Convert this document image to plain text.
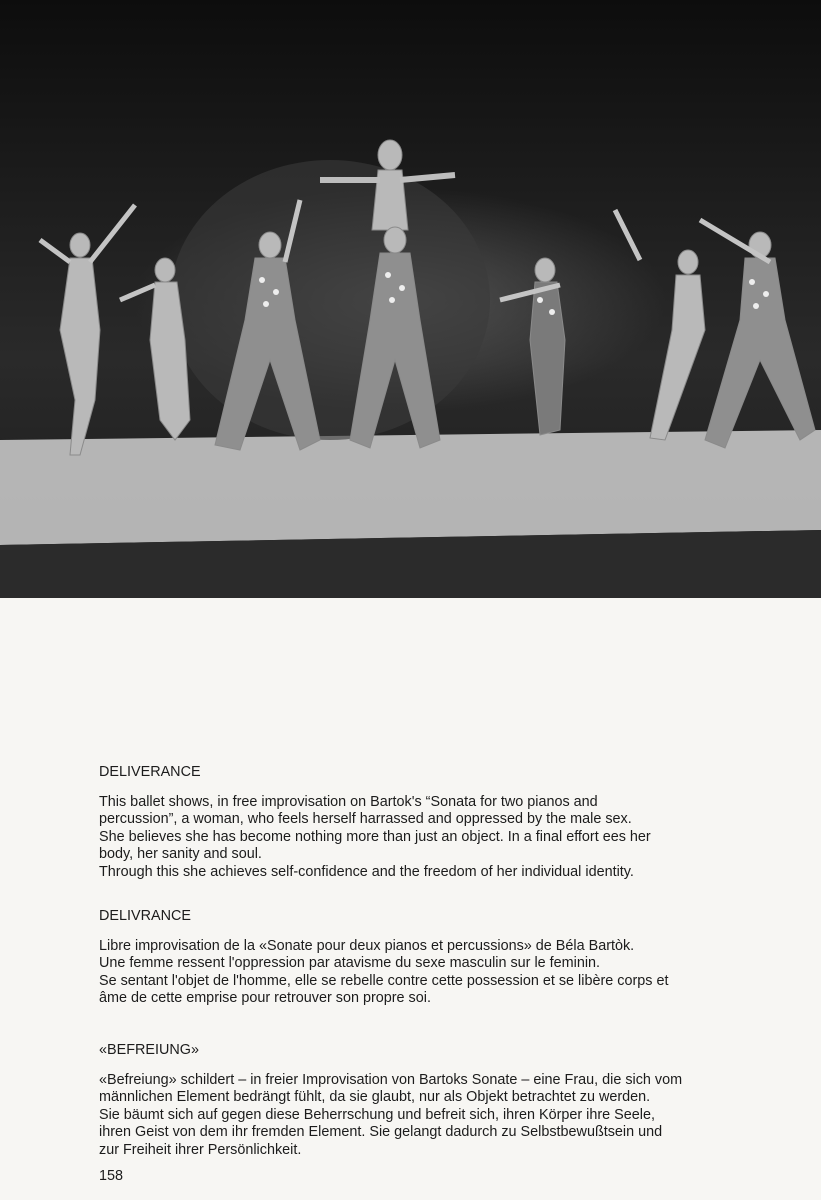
DELIVERANCE

This ballet shows, in free improvisation on Bartok's “Sonata for two pianos and

percussion”, a woman, who feels herself harrassed and oppressed by the male sex.

She believes she has become nothing more than just an object. In a final effort ees her

body, her sanity and soul.

Through this she achieves self-confidence and the freedom of her individual identity.

DELIVRANCE

Libre improvisation de la «Sonate pour deux pianos et percussions» de Béla Bartòk.

Une femme ressent l'oppression par atavisme du sexe masculin sur le feminin.

Se sentant l'objet de l'homme, elle se rebelle contre cette possession et se libère corps et

âme de cette emprise pour retrouver son propre soi.

«BEFREIUNG»

«Befreiung» schildert – in freier Improvisation von Bartoks Sonate – eine Frau, die sich vom

männlichen Element bedrängt fühlt, da sie glaubt, nur als Objekt betrachtet zu werden.

Sie bäumt sich auf gegen diese Beherrschung und befreit sich, ihren Körper ihre Seele,

ihren Geist von dem ihr fremden Element. Sie gelangt dadurch zu Selbstbewußtsein und

zur Freiheit ihrer Persönlichkeit.

158
